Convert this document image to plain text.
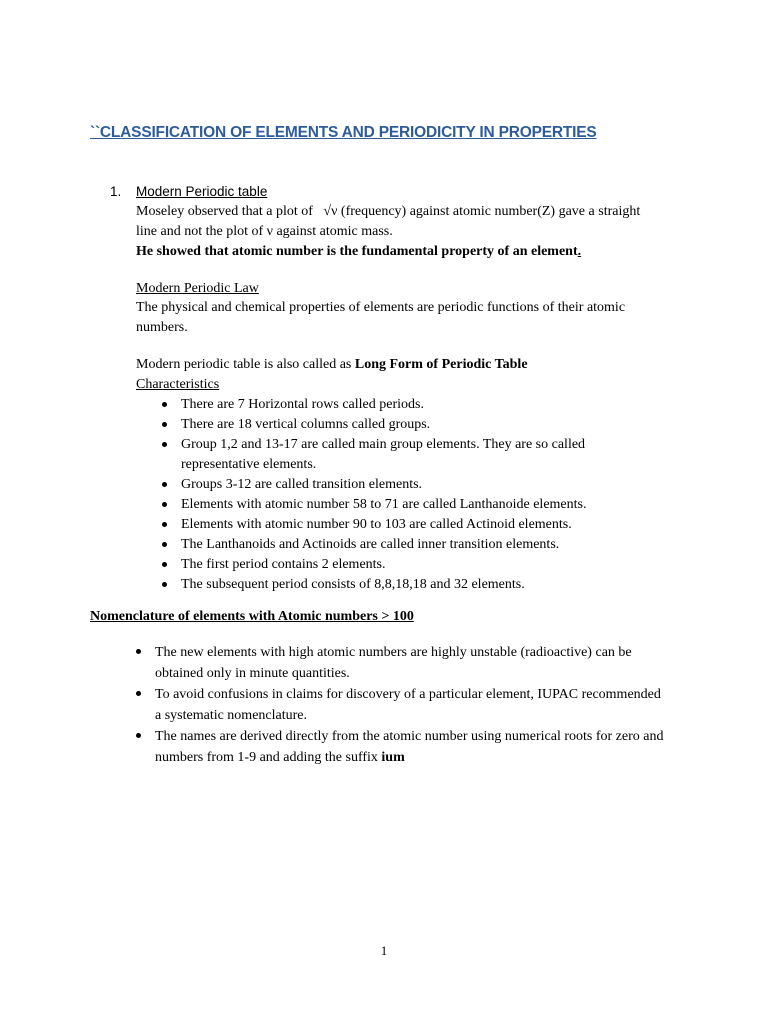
``CLASSIFICATION OF ELEMENTS AND PERIODICITY IN PROPERTIES
1. Modern Periodic table
Moseley observed that a plot of   √ν (frequency) against atomic number(Z) gave a straight
line and not the plot of ν against atomic mass.
He showed that atomic number is the fundamental property of an element.
Modern Periodic Law
The physical and chemical properties of elements are periodic functions of their atomic numbers.
Modern periodic table is also called as Long Form of Periodic Table
Characteristics
There are 7 Horizontal rows called periods.
There are 18 vertical columns called groups.
Group 1,2 and 13-17 are called main group elements. They are so called representative elements.
Groups 3-12 are called transition elements.
Elements with atomic number 58 to 71 are called Lanthanoide elements.
Elements with atomic number 90 to 103 are called Actinoid elements.
The Lanthanoids and Actinoids are called inner transition elements.
The first period contains 2 elements.
The subsequent period consists of 8,8,18,18 and 32 elements.
Nomenclature of elements with Atomic numbers > 100
The new elements with high atomic numbers are highly unstable (radioactive) can be obtained only in minute quantities.
To avoid confusions in claims for discovery of a particular element, IUPAC recommended a systematic nomenclature.
The names are derived directly from the atomic number using numerical roots for zero and numbers from 1-9 and adding the suffix ium
1
